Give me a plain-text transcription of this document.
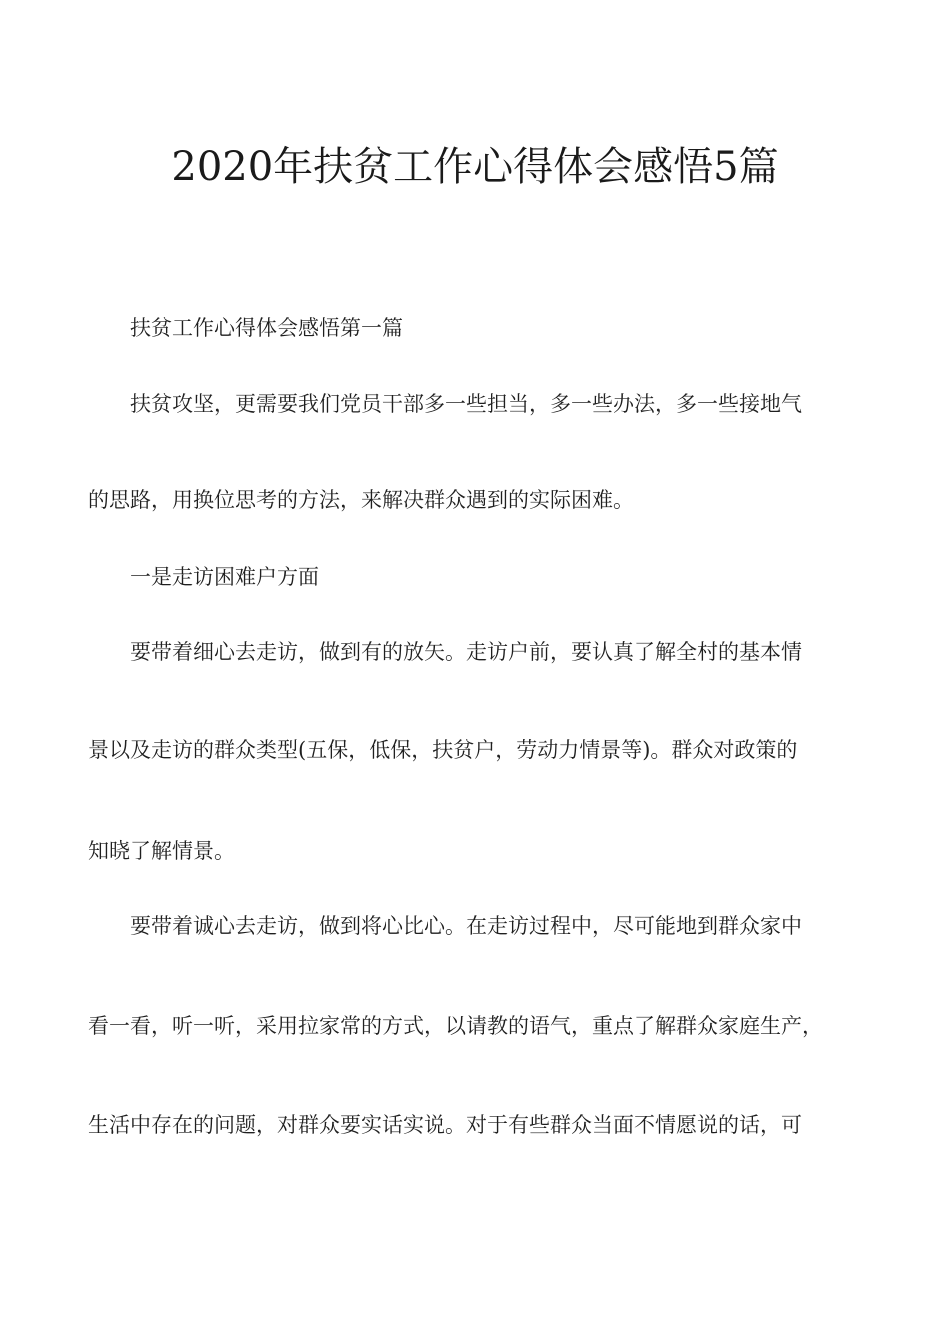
2020年扶贫工作心得体会感悟5篇

扶贫工作心得体会感悟第一篇

扶贫攻坚，更需要我们党员干部多一些担当，多一些办法，多一些接地气

的思路，用换位思考的方法，来解决群众遇到的实际困难。

一是走访困难户方面

要带着细心去走访，做到有的放矢。走访户前，要认真了解全村的基本情

景以及走访的群众类型(五保，低保，扶贫户，劳动力情景等)。群众对政策的

知晓了解情景。

要带着诚心去走访，做到将心比心。在走访过程中，尽可能地到群众家中

看一看，听一听，采用拉家常的方式，以请教的语气，重点了解群众家庭生产，

生活中存在的问题，对群众要实话实说。对于有些群众当面不情愿说的话，可
